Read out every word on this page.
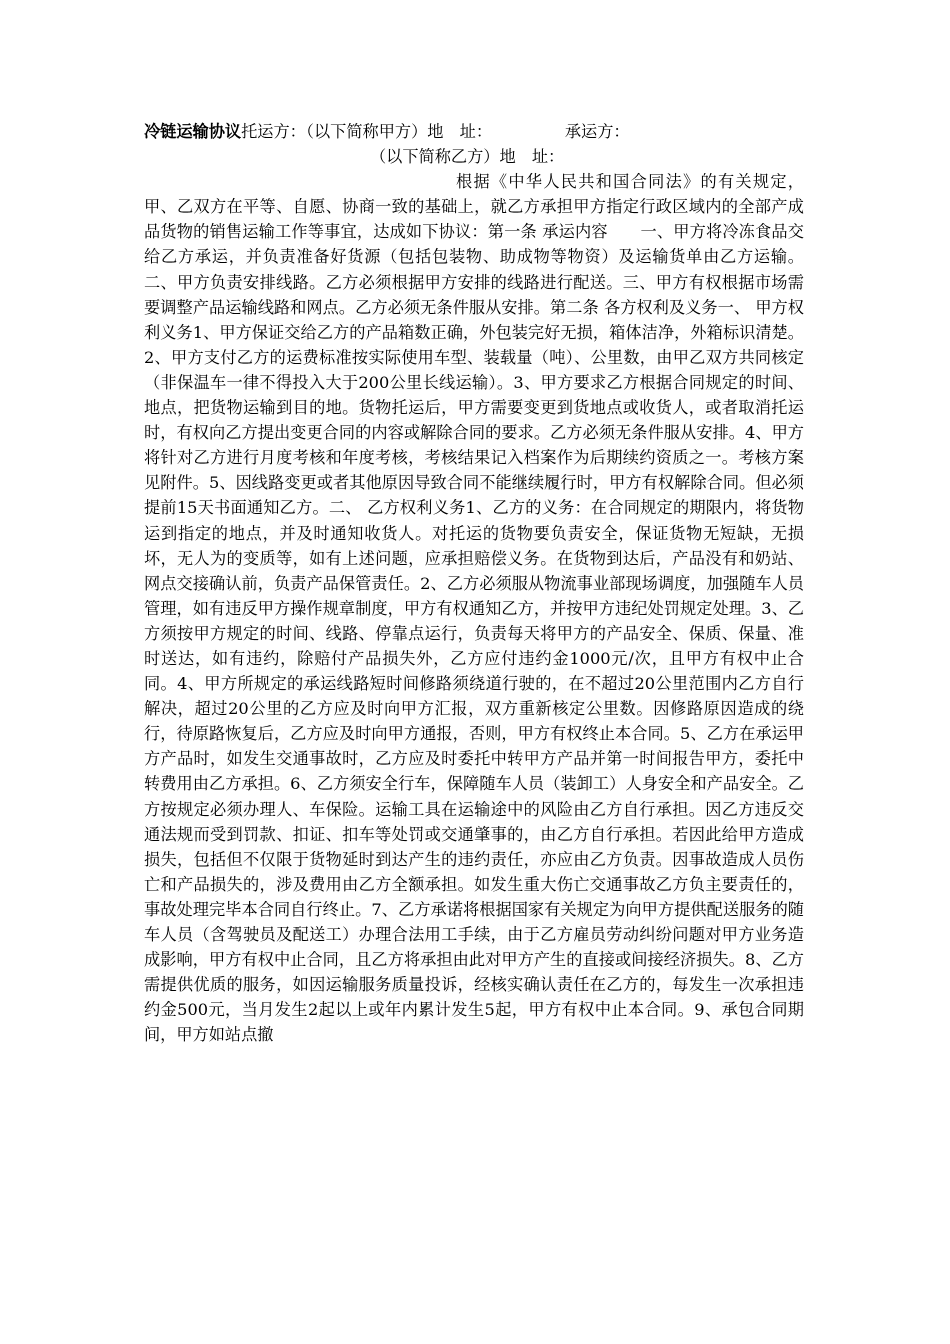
冷链运输协议托运方：（以下简称甲方）地　址：　　　　　承运方：
（以下简称乙方）地　址：

根据《中华人民共和国合同法》的有关规定，甲、乙双方在平等、自愿、协商一致的基础上，就乙方承担甲方指定行政区域内的全部产成品货物的销售运输工作等事宜，达成如下协议：第一条 承运内容　　一、甲方将冷冻食品交给乙方承运，并负责准备好货源（包括包装物、助成物等物资）及运输货单由乙方运输。二、甲方负责安排线路。乙方必须根据甲方安排的线路进行配送。三、甲方有权根据市场需要调整产品运输线路和网点。乙方必须无条件服从安排。第二条 各方权利及义务一、 甲方权利义务1、甲方保证交给乙方的产品箱数正确，外包装完好无损，箱体洁净，外箱标识清楚。2、甲方支付乙方的运费标准按实际使用车型、装载量（吨）、公里数，由甲乙双方共同核定（非保温车一律不得投入大于200公里长线运输）。3、甲方要求乙方根据合同规定的时间、地点，把货物运输到目的地。货物托运后，甲方需要变更到货地点或收货人，或者取消托运时，有权向乙方提出变更合同的内容或解除合同的要求。乙方必须无条件服从安排。4、甲方将针对乙方进行月度考核和年度考核，考核结果记入档案作为后期续约资质之一。考核方案见附件。5、因线路变更或者其他原因导致合同不能继续履行时，甲方有权解除合同。但必须提前15天书面通知乙方。二、 乙方权利义务1、乙方的义务：在合同规定的期限内，将货物运到指定的地点，并及时通知收货人。对托运的货物要负责安全，保证货物无短缺，无损坏，无人为的变质等，如有上述问题，应承担赔偿义务。在货物到达后，产品没有和奶站、网点交接确认前，负责产品保管责任。2、乙方必须服从物流事业部现场调度，加强随车人员管理，如有违反甲方操作规章制度，甲方有权通知乙方，并按甲方违纪处罚规定处理。3、乙方须按甲方规定的时间、线路、停靠点运行，负责每天将甲方的产品安全、保质、保量、准时送达，如有违约，除赔付产品损失外，乙方应付违约金1000元/次，且甲方有权中止合同。4、甲方所规定的承运线路短时间修路须绕道行驶的，在不超过20公里范围内乙方自行解决，超过20公里的乙方应及时向甲方汇报，双方重新核定公里数。因修路原因造成的绕行，待原路恢复后，乙方应及时向甲方通报，否则，甲方有权终止本合同。5、乙方在承运甲方产品时，如发生交通事故时，乙方应及时委托中转甲方产品并第一时间报告甲方，委托中转费用由乙方承担。6、乙方须安全行车，保障随车人员（装卸工）人身安全和产品安全。乙方按规定必须办理人、车保险。运输工具在运输途中的风险由乙方自行承担。因乙方违反交通法规而受到罚款、扣证、扣车等处罚或交通肇事的，由乙方自行承担。若因此给甲方造成损失，包括但不仅限于货物延时到达产生的违约责任，亦应由乙方负责。因事故造成人员伤亡和产品损失的，涉及费用由乙方全额承担。如发生重大伤亡交通事故乙方负主要责任的，事故处理完毕本合同自行终止。7、乙方承诺将根据国家有关规定为向甲方提供配送服务的随车人员（含驾驶员及配送工）办理合法用工手续，由于乙方雇员劳动纠纷问题对甲方业务造成影响，甲方有权中止合同，且乙方将承担由此对甲方产生的直接或间接经济损失。8、乙方需提供优质的服务，如因运输服务质量投诉，经核实确认责任在乙方的，每发生一次承担违约金500元，当月发生2起以上或年内累计发生5起，甲方有权中止本合同。9、承包合同期间，甲方如站点撤
